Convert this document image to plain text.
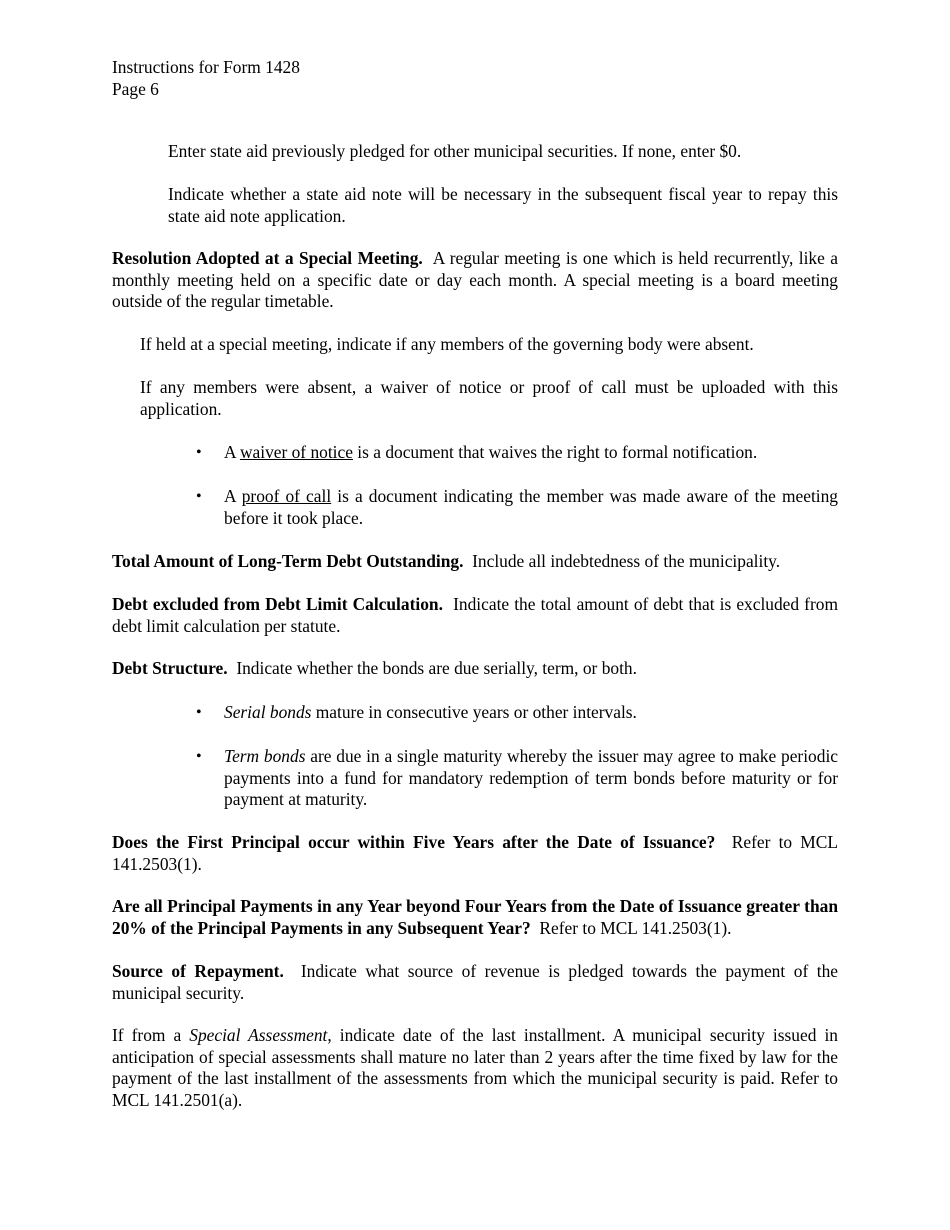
Instructions for Form 1428
Page 6

Enter state aid previously pledged for other municipal securities. If none, enter $0.

Indicate whether a state aid note will be necessary in the subsequent fiscal year to repay this state aid note application.

Resolution Adopted at a Special Meeting. A regular meeting is one which is held recurrently, like a monthly meeting held on a specific date or day each month. A special meeting is a board meeting outside of the regular timetable.

If held at a special meeting, indicate if any members of the governing body were absent.

If any members were absent, a waiver of notice or proof of call must be uploaded with this application.

•	A waiver of notice is a document that waives the right to formal notification.
•	A proof of call is a document indicating the member was made aware of the meeting before it took place.

Total Amount of Long-Term Debt Outstanding. Include all indebtedness of the municipality.

Debt excluded from Debt Limit Calculation. Indicate the total amount of debt that is excluded from debt limit calculation per statute.

Debt Structure. Indicate whether the bonds are due serially, term, or both.

•	Serial bonds mature in consecutive years or other intervals.
•	Term bonds are due in a single maturity whereby the issuer may agree to make periodic payments into a fund for mandatory redemption of term bonds before maturity or for payment at maturity.

Does the First Principal occur within Five Years after the Date of Issuance? Refer to MCL 141.2503(1).

Are all Principal Payments in any Year beyond Four Years from the Date of Issuance greater than 20% of the Principal Payments in any Subsequent Year? Refer to MCL 141.2503(1).

Source of Repayment. Indicate what source of revenue is pledged towards the payment of the municipal security.

If from a Special Assessment, indicate date of the last installment. A municipal security issued in anticipation of special assessments shall mature no later than 2 years after the time fixed by law for the payment of the last installment of the assessments from which the municipal security is paid. Refer to MCL 141.2501(a).
